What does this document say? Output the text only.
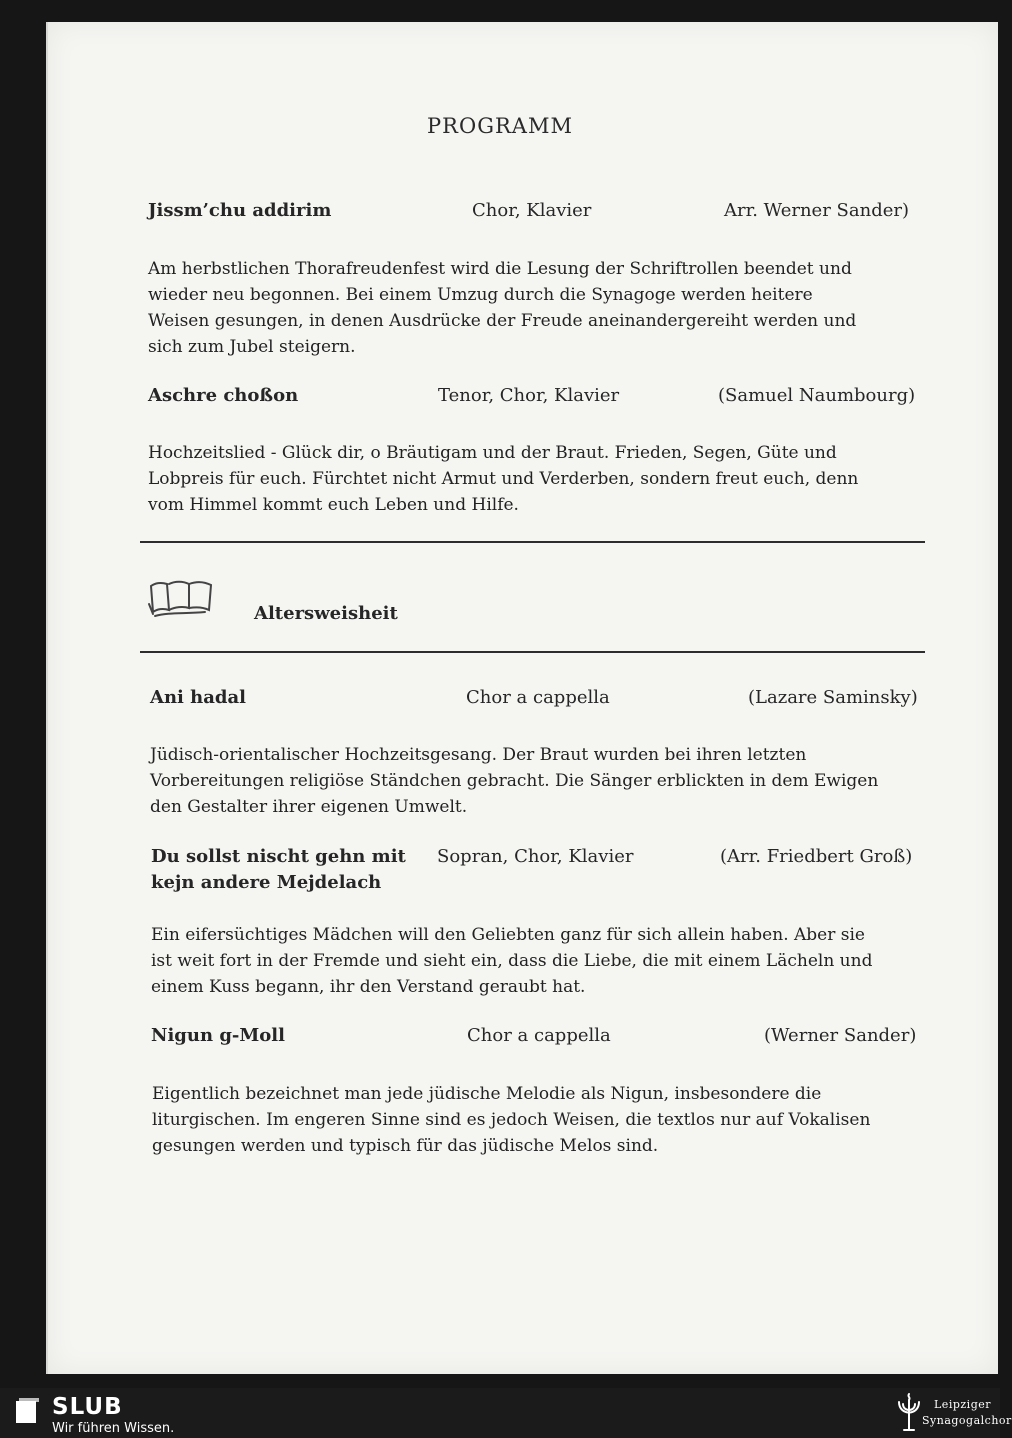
PROGRAMM
Jissm’chu addirim	Chor, Klavier	Arr. Werner Sander)

Am herbstlichen Thorafreudenfest wird die Lesung der Schriftrollen beendet und

wieder neu begonnen. Bei einem Umzug durch die Synagoge werden heitere

Weisen gesungen, in denen Ausdrücke der Freude aneinandergereiht werden und

sich zum Jubel steigern.

Aschre choßon	Tenor, Chor, Klavier	(Samuel Naumbourg)

Hochzeitslied - Glück dir, o Bräutigam und der Braut. Frieden, Segen, Güte und

Lobpreis für euch. Fürchtet nicht Armut und Verderben, sondern freut euch, denn

vom Himmel kommt euch Leben und Hilfe.

Altersweisheit
Ani hadal	Chor a cappella	(Lazare Saminsky)

Jüdisch-orientalischer Hochzeitsgesang. Der Braut wurden bei ihren letzten

Vorbereitungen religiöse Ständchen gebracht. Die Sänger erblickten in dem Ewigen

den Gestalter ihrer eigenen Umwelt.

Du sollst nischt gehn mit
kejn andere Mejdelach
Sopran, Chor, Klavier	(Arr. Friedbert Groß)

Ein eifersüchtiges Mädchen will den Geliebten ganz für sich allein haben. Aber sie

ist weit fort in der Fremde und sieht ein, dass die Liebe, die mit einem Lächeln und

einem Kuss begann, ihr den Verstand geraubt hat.

Nigun g-Moll	Chor a cappella	(Werner Sander)

Eigentlich bezeichnet man jede jüdische Melodie als Nigun, insbesondere die

liturgischen. Im engeren Sinne sind es jedoch Weisen, die textlos nur auf Vokalisen

gesungen werden und typisch für das jüdische Melos sind.

SLUB
Wir führen Wissen.
Leipziger
Synagogalchor
